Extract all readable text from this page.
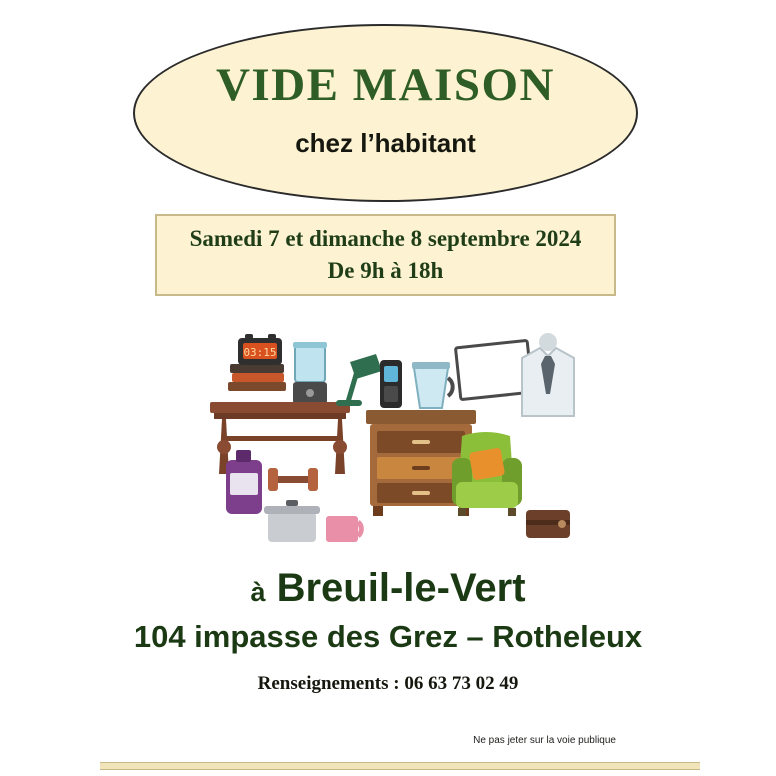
VIDE MAISON
chez l’habitant
Samedi 7 et dimanche 8 septembre 2024
De 9h à 18h
03:15
à Breuil-le-Vert
104 impasse des Grez – Rotheleux
Renseignements : 06 63 73 02 49
Ne pas jeter sur la voie publique
